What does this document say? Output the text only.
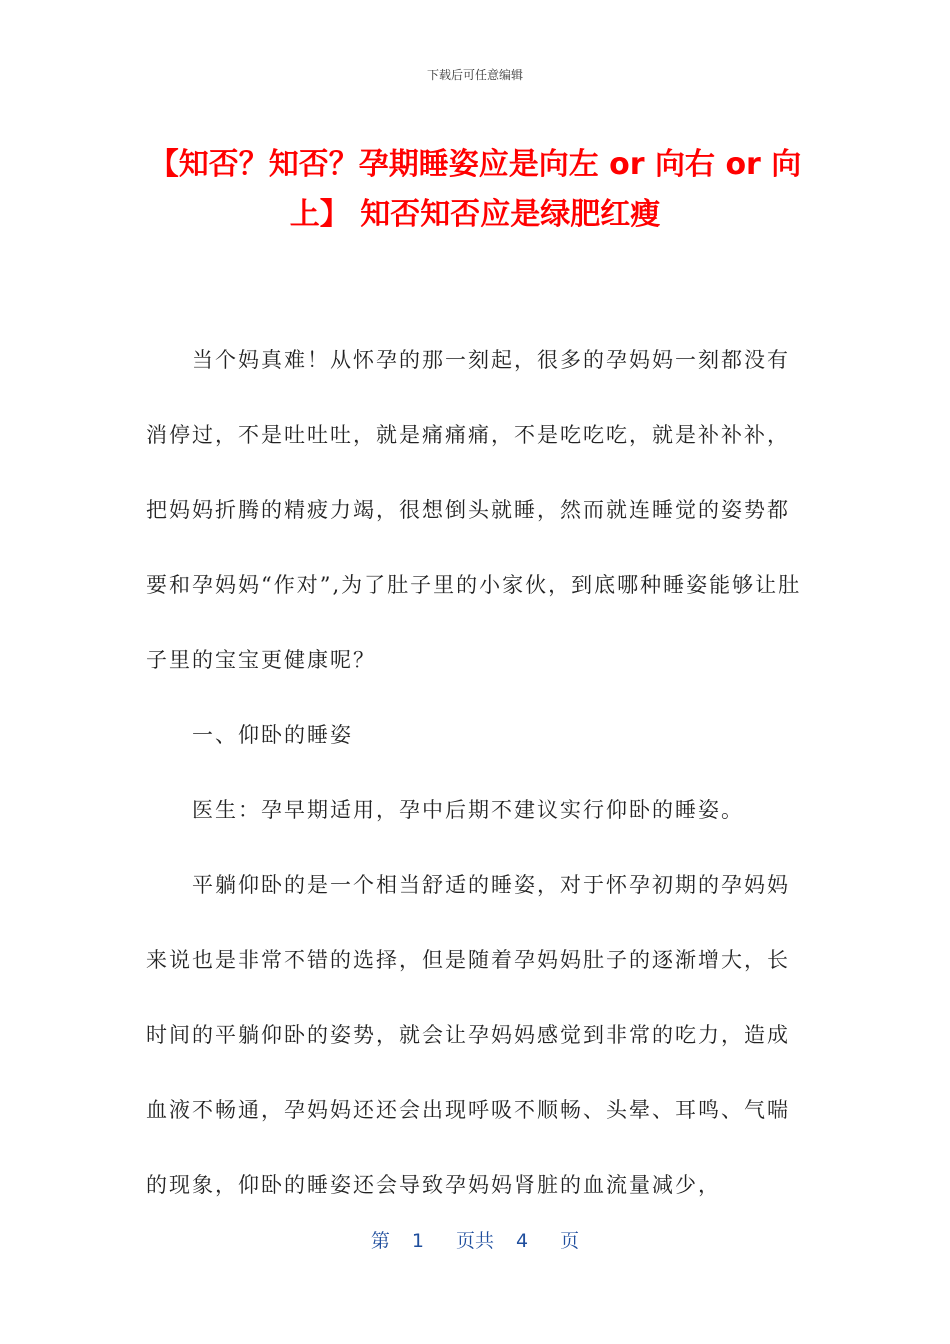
下载后可任意编辑
【知否？知否？孕期睡姿应是向左 or 向右 or 向上】 知否知否应是绿肥红瘦

当个妈真难！从怀孕的那一刻起，很多的孕妈妈一刻都没有消停过，不是吐吐吐，就是痛痛痛，不是吃吃吃，就是补补补，把妈妈折腾的精疲力竭，很想倒头就睡，然而就连睡觉的姿势都要和孕妈妈“作对”,为了肚子里的小家伙，到底哪种睡姿能够让肚子里的宝宝更健康呢？

一、仰卧的睡姿

医生：孕早期适用，孕中后期不建议实行仰卧的睡姿。

平躺仰卧的是一个相当舒适的睡姿，对于怀孕初期的孕妈妈来说也是非常不错的选择，但是随着孕妈妈肚子的逐渐增大，长时间的平躺仰卧的姿势，就会让孕妈妈感觉到非常的吃力，造成血液不畅通，孕妈妈还还会出现呼吸不顺畅、头晕、耳鸣、气喘的现象，仰卧的睡姿还会导致孕妈妈肾脏的血流量减少，

第 1 页共 4 页
